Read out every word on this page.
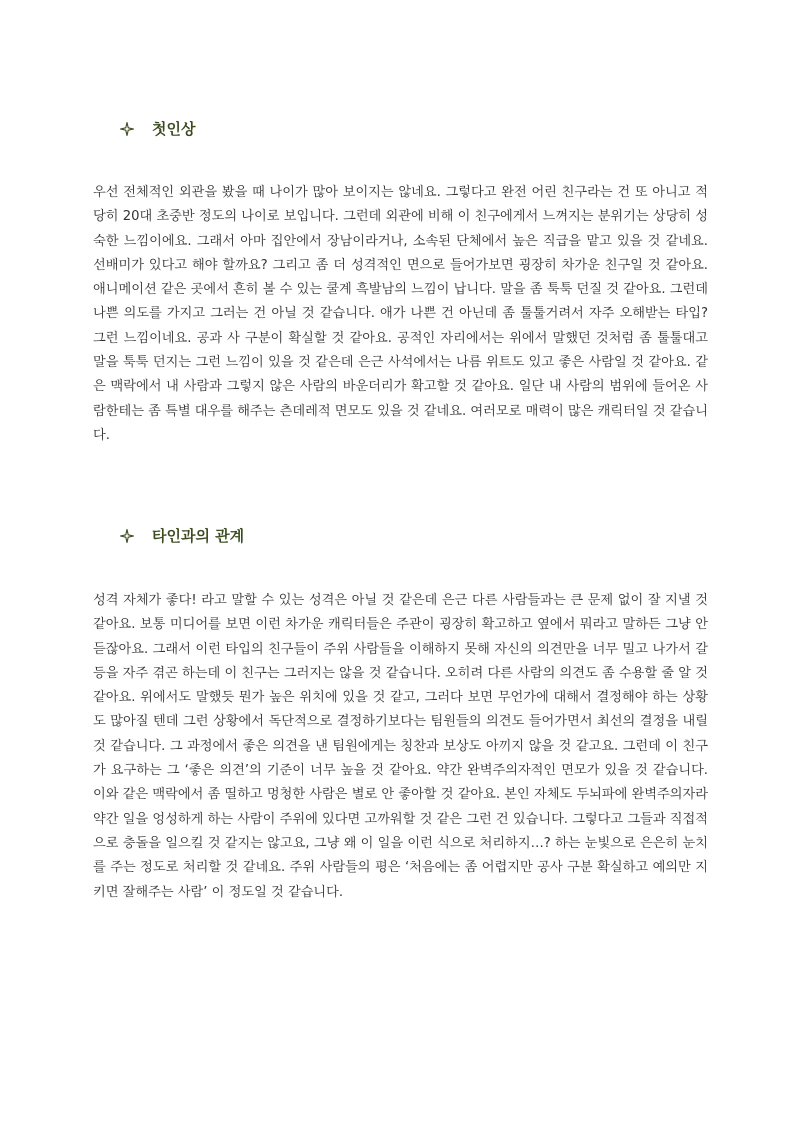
첫인상
우선 전체적인 외관을 봤을 때 나이가 많아 보이지는 않네요. 그렇다고 완전 어린 친구라는 건 또 아니고 적당히 20대 초중반 정도의 나이로 보입니다. 그런데 외관에 비해 이 친구에게서 느껴지는 분위기는 상당히 성숙한 느낌이에요. 그래서 아마 집안에서 장남이라거나, 소속된 단체에서 높은 직급을 맡고 있을 것 같네요. 선배미가 있다고 해야 할까요? 그리고 좀 더 성격적인 면으로 들어가보면 굉장히 차가운 친구일 것 같아요. 애니메이션 같은 곳에서 흔히 볼 수 있는 쿨계 흑발남의 느낌이 납니다. 말을 좀 툭툭 던질 것 같아요. 그런데 나쁜 의도를 가지고 그러는 건 아닐 것 같습니다. 애가 나쁜 건 아닌데 좀 툴툴거려서 자주 오해받는 타입? 그런 느낌이네요. 공과 사 구분이 확실할 것 같아요. 공적인 자리에서는 위에서 말했던 것처럼 좀 툴툴대고 말을 툭툭 던지는 그런 느낌이 있을 것 같은데 은근 사석에서는 나름 위트도 있고 좋은 사람일 것 같아요. 같은 맥락에서 내 사람과 그렇지 않은 사람의 바운더리가 확고할 것 같아요. 일단 내 사람의 범위에 들어온 사람한테는 좀 특별 대우를 해주는 츤데레적 면모도 있을 것 같네요. 여러모로 매력이 많은 캐릭터일 것 같습니다.
타인과의 관계
성격 자체가 좋다! 라고 말할 수 있는 성격은 아닐 것 같은데 은근 다른 사람들과는 큰 문제 없이 잘 지낼 것 같아요. 보통 미디어를 보면 이런 차가운 캐릭터들은 주관이 굉장히 확고하고 옆에서 뭐라고 말하든 그냥 안 듣잖아요. 그래서 이런 타입의 친구들이 주위 사람들을 이해하지 못해 자신의 의견만을 너무 밀고 나가서 갈등을 자주 겪곤 하는데 이 친구는 그러지는 않을 것 같습니다. 오히려 다른 사람의 의견도 좀 수용할 줄 알 것 같아요. 위에서도 말했듯 뭔가 높은 위치에 있을 것 같고, 그러다 보면 무언가에 대해서 결정해야 하는 상황도 많아질 텐데 그런 상황에서 독단적으로 결정하기보다는 팀원들의 의견도 들어가면서 최선의 결정을 내릴 것 같습니다. 그 과정에서 좋은 의견을 낸 팀원에게는 칭찬과 보상도 아끼지 않을 것 같고요. 그런데 이 친구가 요구하는 그 ‘좋은 의견’의 기준이 너무 높을 것 같아요. 약간 완벽주의자적인 면모가 있을 것 같습니다. 이와 같은 맥락에서 좀 띨하고 멍청한 사람은 별로 안 좋아할 것 같아요. 본인 자체도 두뇌파에 완벽주의자라 약간 일을 엉성하게 하는 사람이 주위에 있다면 고까워할 것 같은 그런 건 있습니다. 그렇다고 그들과 직접적으로 충돌을 일으킬 것 같지는 않고요, 그냥 왜 이 일을 이런 식으로 처리하지…? 하는 눈빛으로 은은히 눈치를 주는 정도로 처리할 것 같네요. 주위 사람들의 평은 ‘처음에는 좀 어렵지만 공사 구분 확실하고 예의만 지키면 잘해주는 사람’ 이 정도일 것 같습니다.
